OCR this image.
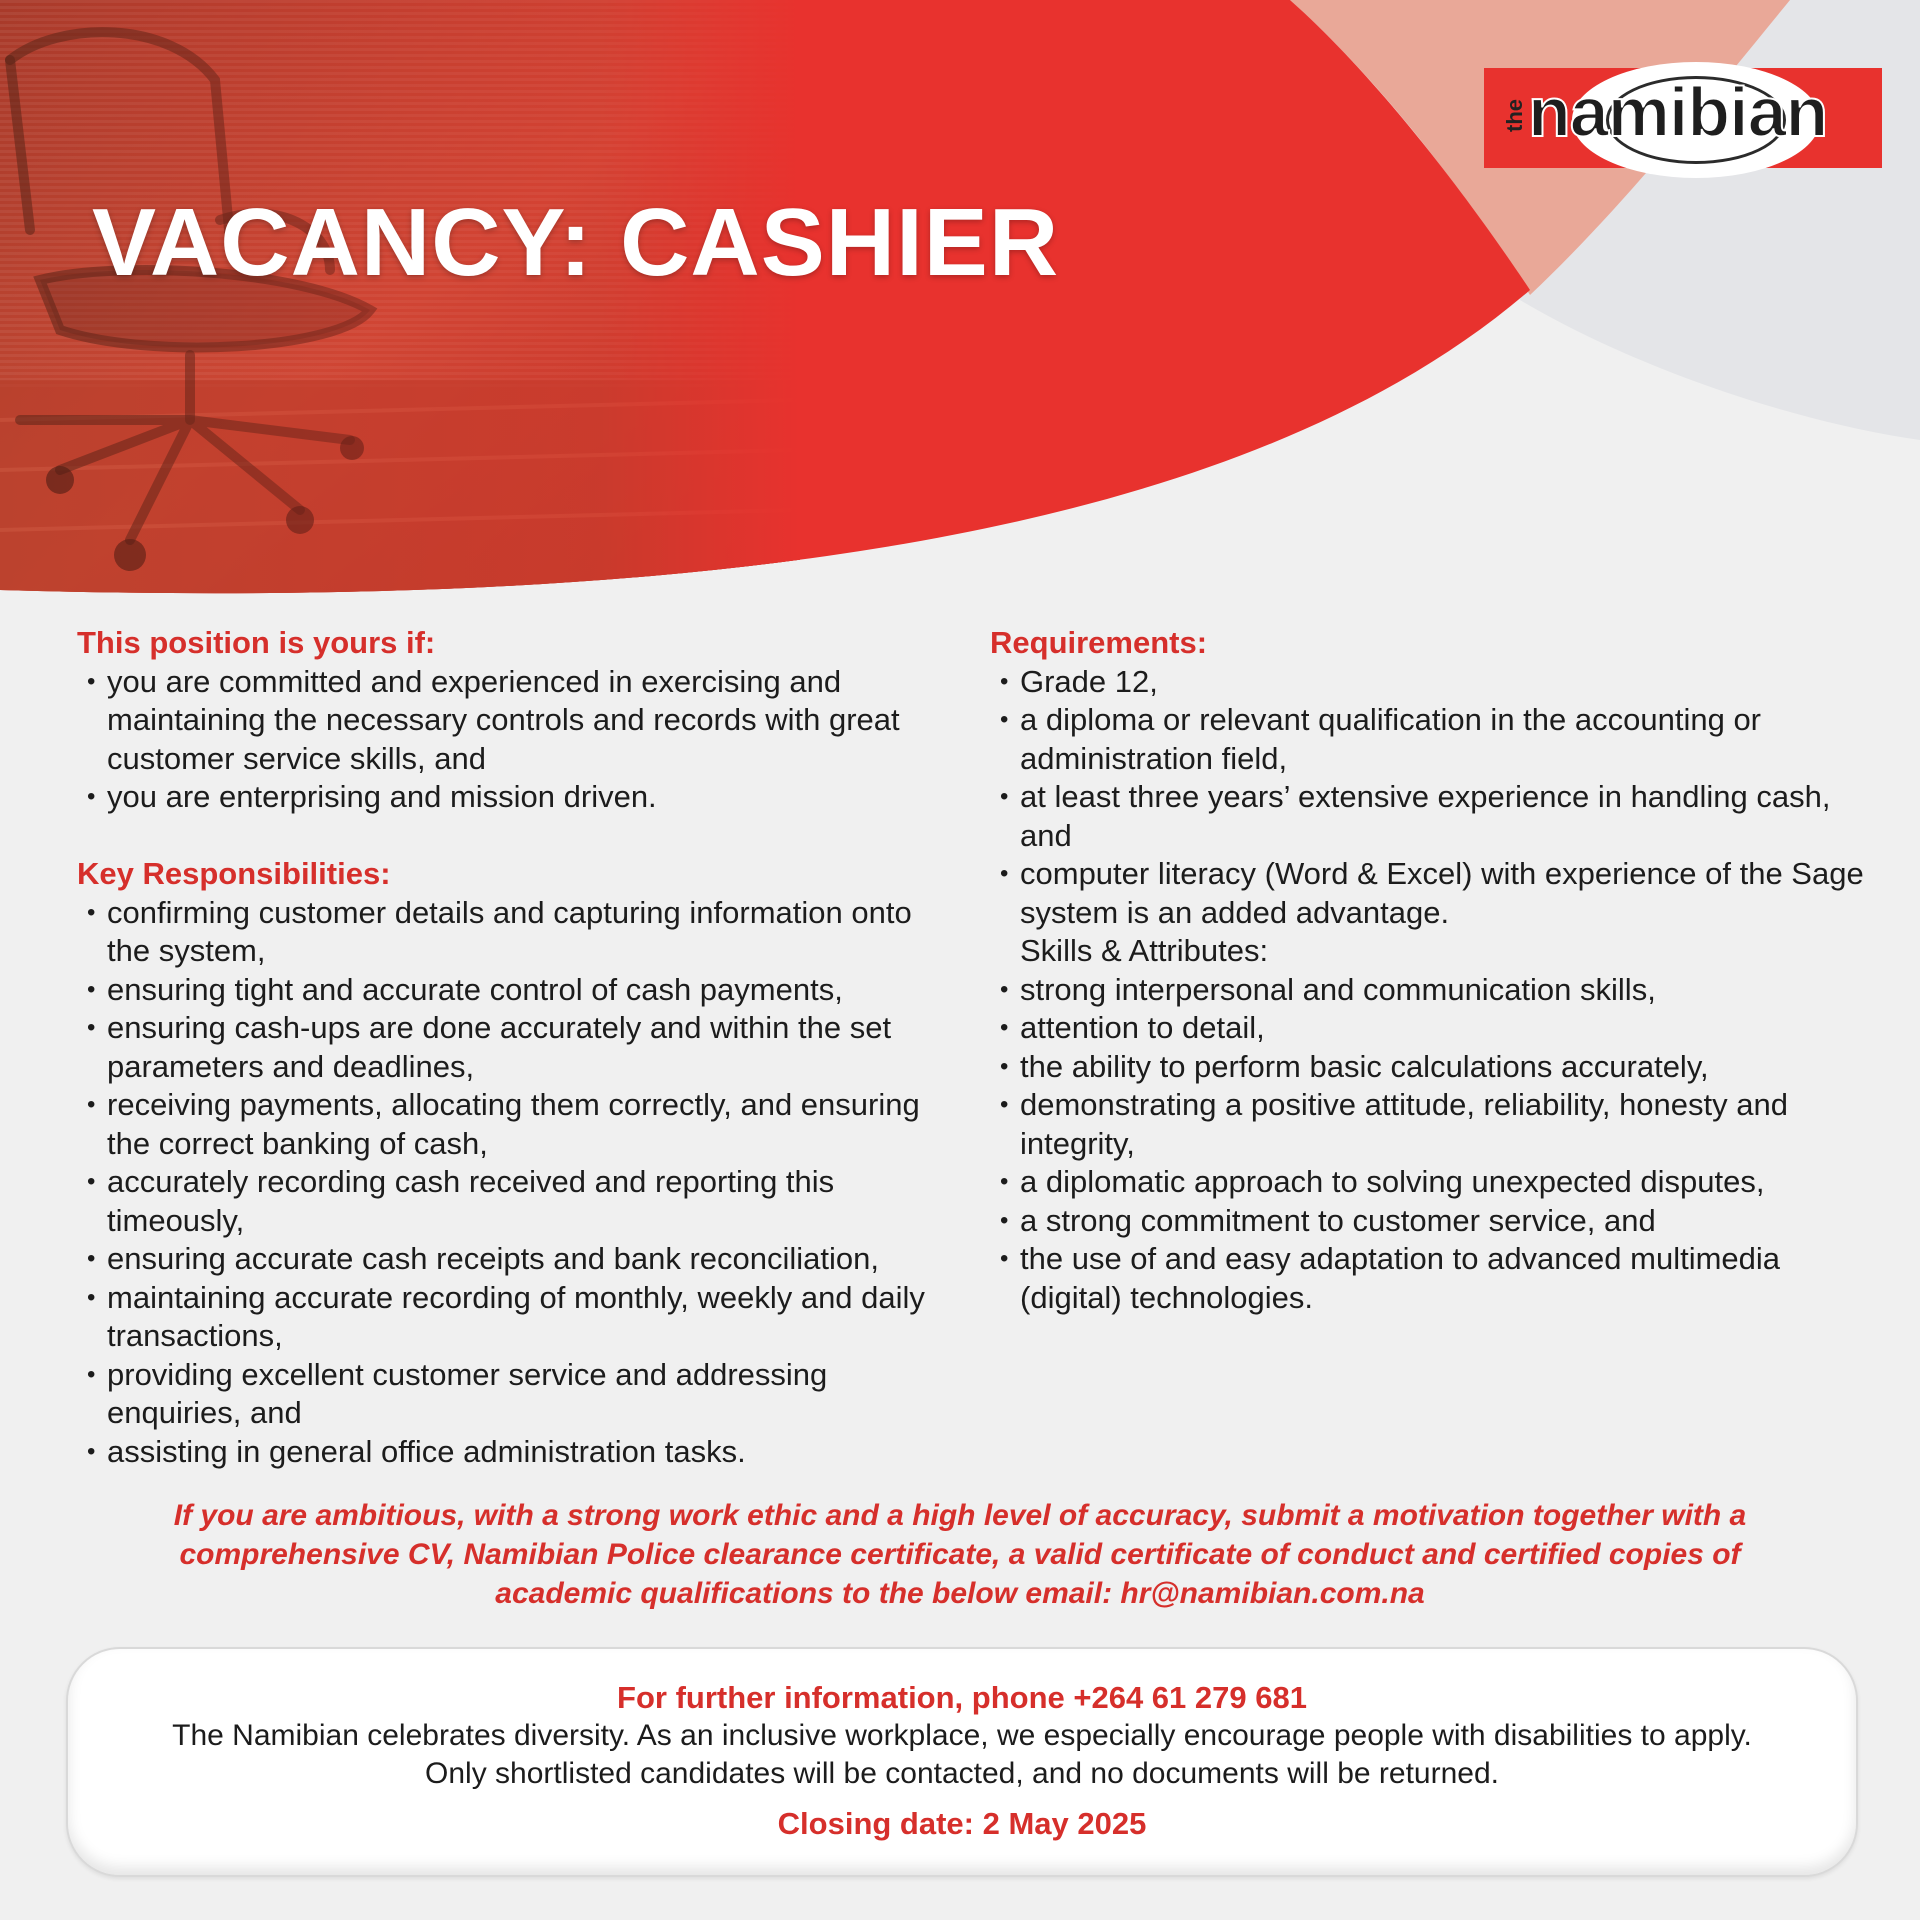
VACANCY: CASHIER
the namibian
This position is yours if:
• you are committed and experienced in exercising and maintaining the necessary controls and records with great customer service skills, and
• you are enterprising and mission driven.
Key Responsibilities:
• confirming customer details and capturing information onto the system,
• ensuring tight and accurate control of cash payments,
• ensuring cash-ups are done accurately and within the set parameters and deadlines,
• receiving payments, allocating them correctly, and ensuring the correct banking of cash,
• accurately recording cash received and reporting this timeously,
• ensuring accurate cash receipts and bank reconciliation,
• maintaining accurate recording of monthly, weekly and daily transactions,
• providing excellent customer service and addressing enquiries, and
• assisting in general office administration tasks.
Requirements:
• Grade 12,
• a diploma or relevant qualification in the accounting or administration field,
• at least three years’ extensive experience in handling cash, and
• computer literacy (Word & Excel) with experience of the Sage system is an added advantage.
Skills & Attributes:
• strong interpersonal and communication skills,
• attention to detail,
• the ability to perform basic calculations accurately,
• demonstrating a positive attitude, reliability, honesty and integrity,
• a diplomatic approach to solving unexpected disputes,
• a strong commitment to customer service, and
• the use of and easy adaptation to advanced multimedia (digital) technologies.

If you are ambitious, with a strong work ethic and a high level of accuracy, submit a motivation together with a comprehensive CV, Namibian Police clearance certificate, a valid certificate of conduct and certified copies of academic qualifications to the below email: hr@namibian.com.na

For further information, phone +264 61 279 681
The Namibian celebrates diversity. As an inclusive workplace, we especially encourage people with disabilities to apply.
Only shortlisted candidates will be contacted, and no documents will be returned.
Closing date: 2 May 2025
